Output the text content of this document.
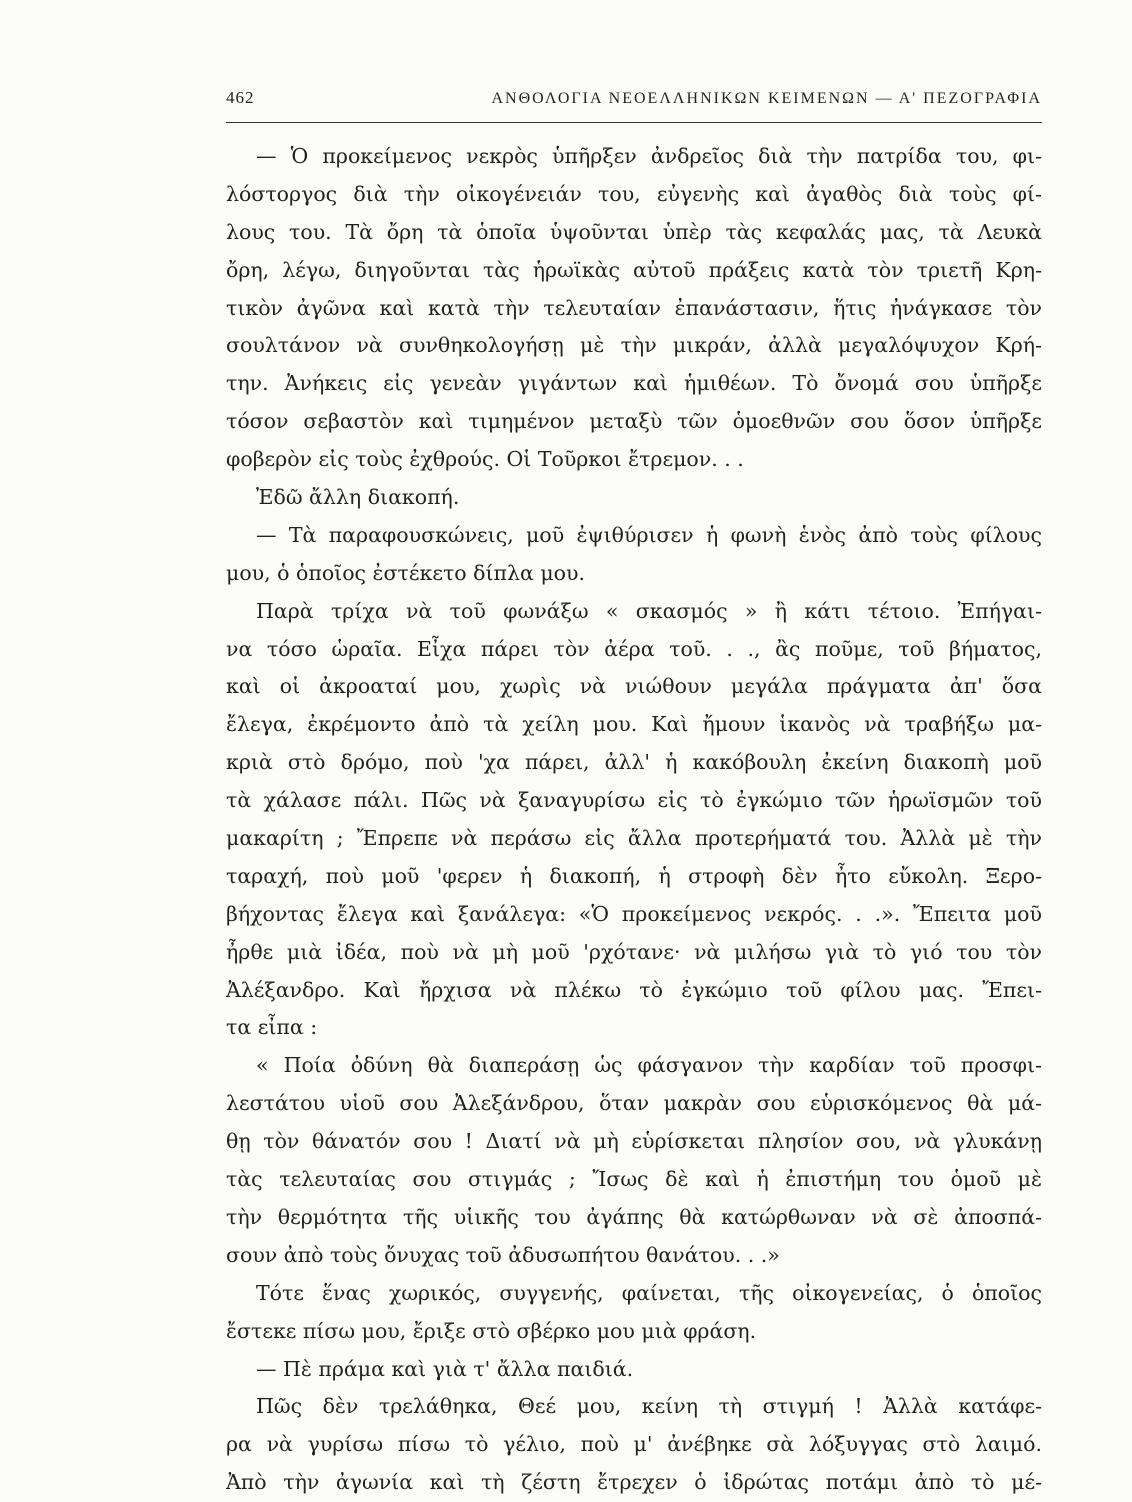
462	ΑΝΘΟΛΟΓΙΑ ΝΕΟΕΛΛΗΝΙΚΩΝ ΚΕΙΜΕΝΩΝ — Α' ΠΕΖΟΓΡΑΦΙΑ
— Ὁ προκείμενος νεκρὸς ὑπῆρξεν ἀνδρεῖος διὰ τὴν πατρίδα του, φι-
λόστοργος διὰ τὴν οἰκογένειάν του, εὐγενὴς καὶ ἀγαθὸς διὰ τοὺς φί-
λους του. Τὰ ὄρη τὰ ὁποῖα ὑψοῦνται ὑπὲρ τὰς κεφαλάς μας, τὰ Λευκὰ
ὄρη, λέγω, διηγοῦνται τὰς ἡρωϊκὰς αὐτοῦ πράξεις κατὰ τὸν τριετῆ Κρη-
τικὸν ἀγῶνα καὶ κατὰ τὴν τελευταίαν ἐπανάστασιν, ἥτις ἠνάγκασε τὸν
σουλτάνον νὰ συνθηκολογήσῃ μὲ τὴν μικράν, ἀλλὰ μεγαλόψυχον Κρή-
την. Ἀνήκεις εἰς γενεὰν γιγάντων καὶ ἡμιθέων. Τὸ ὄνομά σου ὑπῆρξε
τόσον σεβαστὸν καὶ τιμημένον μεταξὺ τῶν ὁμοεθνῶν σου ὅσον ὑπῆρξε
φοβερὸν εἰς τοὺς ἐχθρούς. Οἱ Τοῦρκοι ἔτρεμον. . .
Ἐδῶ ἄλλη διακοπή.
— Τὰ παραφουσκώνεις, μοῦ ἐψιθύρισεν ἡ φωνὴ ἑνὸς ἀπὸ τοὺς φίλους
μου, ὁ ὁποῖος ἐστέκετο δίπλα μου.
Παρὰ τρίχα νὰ τοῦ φωνάξω « σκασμός » ἢ κάτι τέτοιο. Ἐπήγαι-
να τόσο ὡραῖα. Εἶχα πάρει τὸν ἀέρα τοῦ. . ., ἂς ποῦμε, τοῦ βήματος,
καὶ οἱ ἀκροαταί μου, χωρὶς νὰ νιώθουν μεγάλα πράγματα ἀπ' ὅσα
ἔλεγα, ἐκρέμοντο ἀπὸ τὰ χείλη μου. Καὶ ἤμουν ἱκανὸς νὰ τραβήξω μα-
κριὰ στὸ δρόμο, ποὺ 'χα πάρει, ἀλλ' ἡ κακόβουλη ἐκείνη διακοπὴ μοῦ
τὰ χάλασε πάλι. Πῶς νὰ ξαναγυρίσω εἰς τὸ ἐγκώμιο τῶν ἡρωϊσμῶν τοῦ
μακαρίτη ; Ἔπρεπε νὰ περάσω εἰς ἄλλα προτερήματά του. Ἀλλὰ μὲ τὴν
ταραχή, ποὺ μοῦ 'φερεν ἡ διακοπή, ἡ στροφὴ δὲν ἦτο εὔκολη. Ξερο-
βήχοντας ἔλεγα καὶ ξανάλεγα: «Ὁ προκείμενος νεκρός. . .». Ἔπειτα μοῦ
ἦρθε μιὰ ἰδέα, ποὺ νὰ μὴ μοῦ 'ρχότανε· νὰ μιλήσω γιὰ τὸ γιό του τὸν
Ἀλέξανδρο. Καὶ ἤρχισα νὰ πλέκω τὸ ἐγκώμιο τοῦ φίλου μας. Ἔπει-
τα εἶπα :
« Ποία ὀδύνη θὰ διαπεράσῃ ὡς φάσγανον τὴν καρδίαν τοῦ προσφι-
λεστάτου υἱοῦ σου Ἀλεξάνδρου, ὅταν μακρὰν σου εὑρισκόμενος θὰ μά-
θῃ τὸν θάνατόν σου ! Διατί νὰ μὴ εὑρίσκεται πλησίον σου, νὰ γλυκάνῃ
τὰς τελευταίας σου στιγμάς ; Ἴσως δὲ καὶ ἡ ἐπιστήμη του ὁμοῦ μὲ
τὴν θερμότητα τῆς υἱικῆς του ἀγάπης θὰ κατώρθωναν νὰ σὲ ἀποσπά-
σουν ἀπὸ τοὺς ὄνυχας τοῦ ἀδυσωπήτου θανάτου. . .»
Τότε ἕνας χωρικός, συγγενής, φαίνεται, τῆς οἰκογενείας, ὁ ὁποῖος
ἔστεκε πίσω μου, ἔριξε στὸ σβέρκο μου μιὰ φράση.
— Πὲ πράμα καὶ γιὰ τ' ἄλλα παιδιά.
Πῶς δὲν τρελάθηκα, Θεέ μου, κείνη τὴ στιγμή ! Ἀλλὰ κατάφε-
ρα νὰ γυρίσω πίσω τὸ γέλιο, ποὺ μ' ἀνέβηκε σὰ λόξυγγας στὸ λαιμό.
Ἀπὸ τὴν ἀγωνία καὶ τὴ ζέστη ἔτρεχεν ὁ ἱδρώτας ποτάμι ἀπὸ τὸ μέ-
